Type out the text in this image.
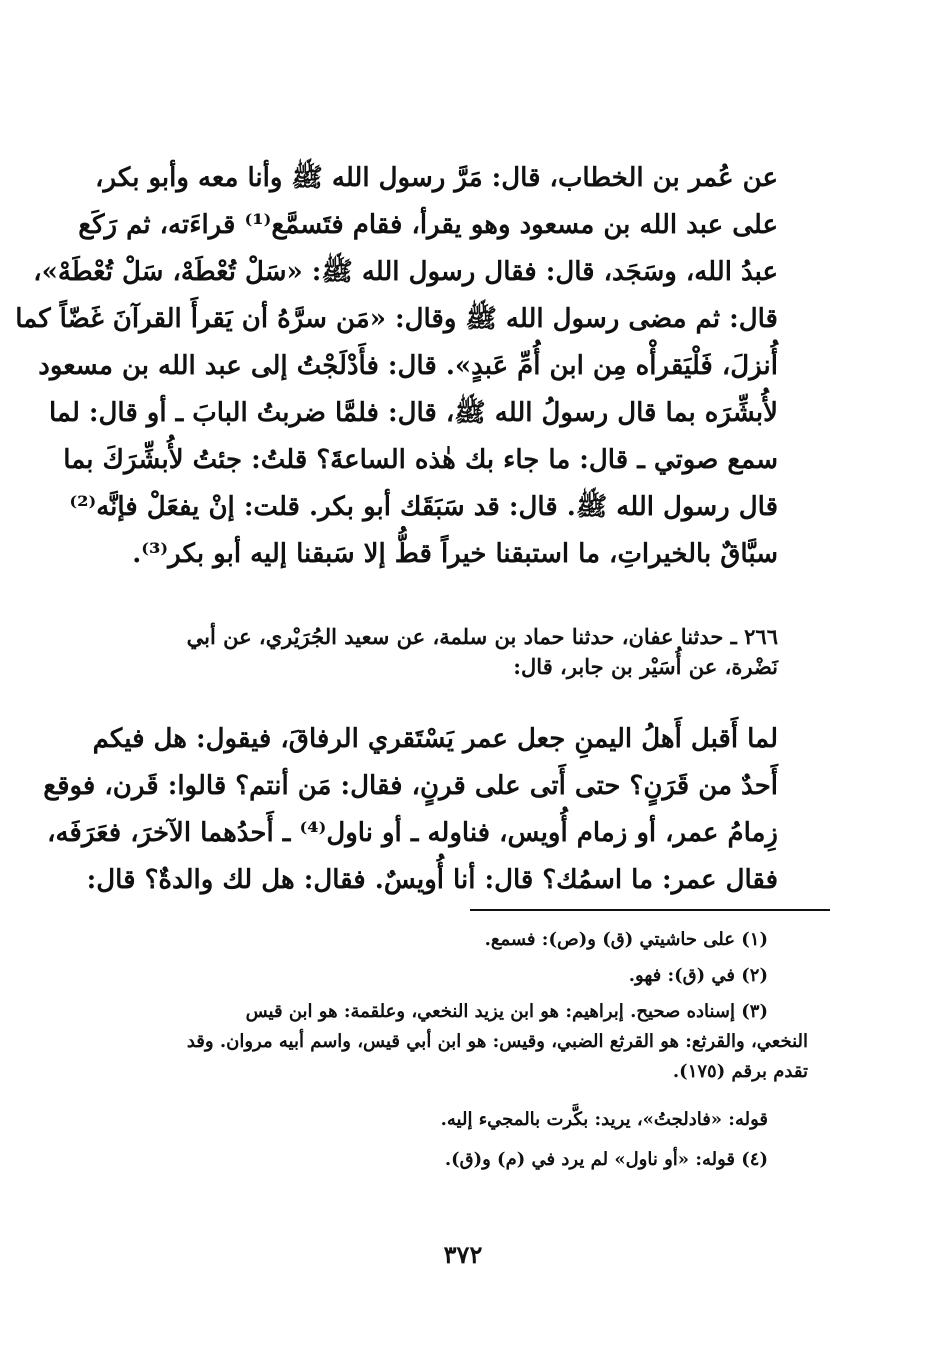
عن عُمر بن الخطاب، قال: مَرَّ رسول الله ﷺ وأنا معه وأبو بكر،
على عبد الله بن مسعود وهو يقرأ، فقام فتَسمَّع⁽¹⁾ قراءَته، ثم رَكَع
عبدُ الله، وسَجَد، قال: فقال رسول الله ﷺ: «سَلْ تُعْطَهْ، سَلْ تُعْطَهْ»،
قال: ثم مضى رسول الله ﷺ وقال: «مَن سرَّهُ أن يَقرأَ القرآنَ غَضّاً كما
أُنزلَ، فَلْيَقرأْه مِن ابن أُمِّ عَبدٍ». قال: فأَدْلَجْتُ إلى عبد الله بن مسعود
لأُبشِّرَه بما قال رسولُ الله ﷺ، قال: فلمَّا ضربتُ البابَ ـ أو قال: لما
سمع صوتي ـ قال: ما جاء بك هٰذه الساعةَ؟ قلتُ: جئتُ لأُبشِّرَكَ بما
قال رسول الله ﷺ. قال: قد سَبَقَك أبو بكر. قلت: إنْ يفعَلْ فإنَّه⁽²⁾
سبَّاقٌ بالخيراتِ، ما استبقنا خيراً قطُّ إلا سَبقنا إليه أبو بكر⁽³⁾.
٢٦٦ ـ حدثنا عفان، حدثنا حماد بن سلمة، عن سعيد الجُرَيْري، عن أبي
نَضْرة، عن أُسَيْر بن جابر، قال:
لما أَقبل أَهلُ اليمنِ جعل عمر يَسْتَقري الرفاقَ، فيقول: هل فيكم
أَحدٌ من قَرَنٍ؟ حتى أَتى على قرنٍ، فقال: مَن أنتم؟ قالوا: قَرن، فوقع
زِمامُ عمر، أو زمام أُويس، فناوله ـ أو ناول⁽⁴⁾ ـ أَحدُهما الآخرَ، فعَرَفَه،
فقال عمر: ما اسمُك؟ قال: أنا أُويسٌ. فقال: هل لك والدةٌ؟ قال:
(١) على حاشيتي (ق) و(ص): فسمع.
(٢) في (ق): فهو.
(٣) إسناده صحيح. إبراهيم: هو ابن يزيد النخعي، وعلقمة: هو ابن قيس
النخعي، والقرثع: هو القرثع الضبي، وقيس: هو ابن أبي قيس، واسم أبيه مروان. وقد
تقدم برقم (١٧٥).
قوله: «فادلجتُ»، يريد: بكَّرت بالمجيء إليه.
(٤) قوله: «أو ناول» لم يرد في (م) و(ق).
٣٧٢
